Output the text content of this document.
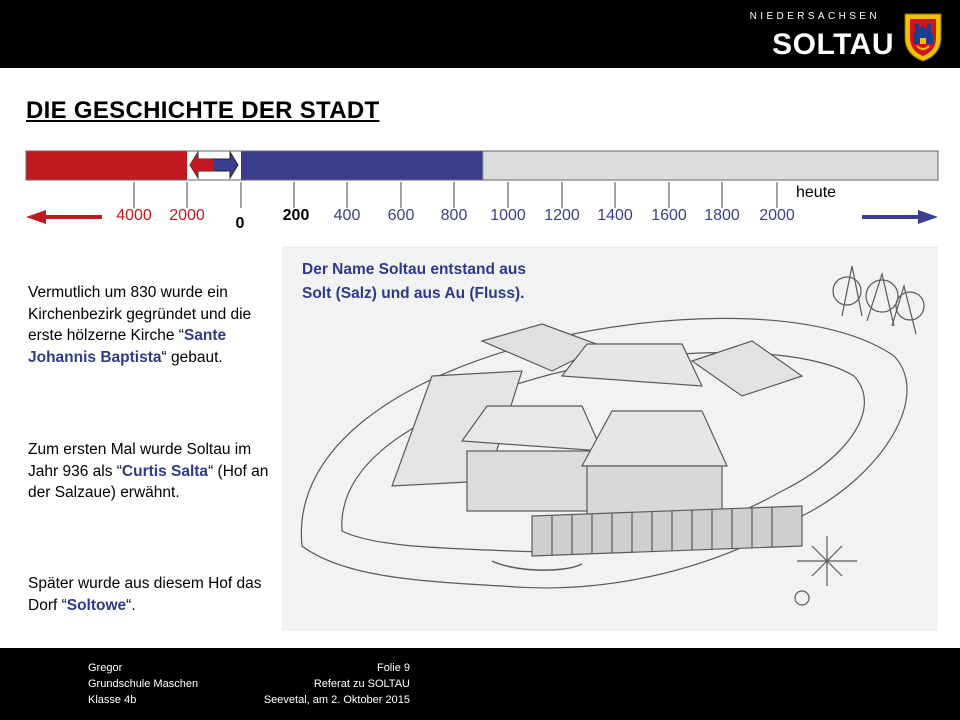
NIEDERSACHSEN
SOLTAU
DIE GESCHICHTE DER STADT
4000	2000	0	200	400	600	800	1000	1200	1400	1600	1800	2000
heute
Vermutlich um 830 wurde ein Kirchenbezirk gegründet und die erste hölzerne Kirche “Sante Johannis Baptista“ gebaut.
Zum ersten Mal wurde Soltau im Jahr 936 als “Curtis Salta“ (Hof an der Salzaue) erwähnt.
Später wurde aus diesem Hof das Dorf “Soltowe“.
Der Name Soltau entstand aus
Solt (Salz) und aus Au (Fluss).
Gregor
Grundschule Maschen
Klasse 4b
Folie 9
Referat zu SOLTAU
Seevetal, am 2. Oktober 2015
